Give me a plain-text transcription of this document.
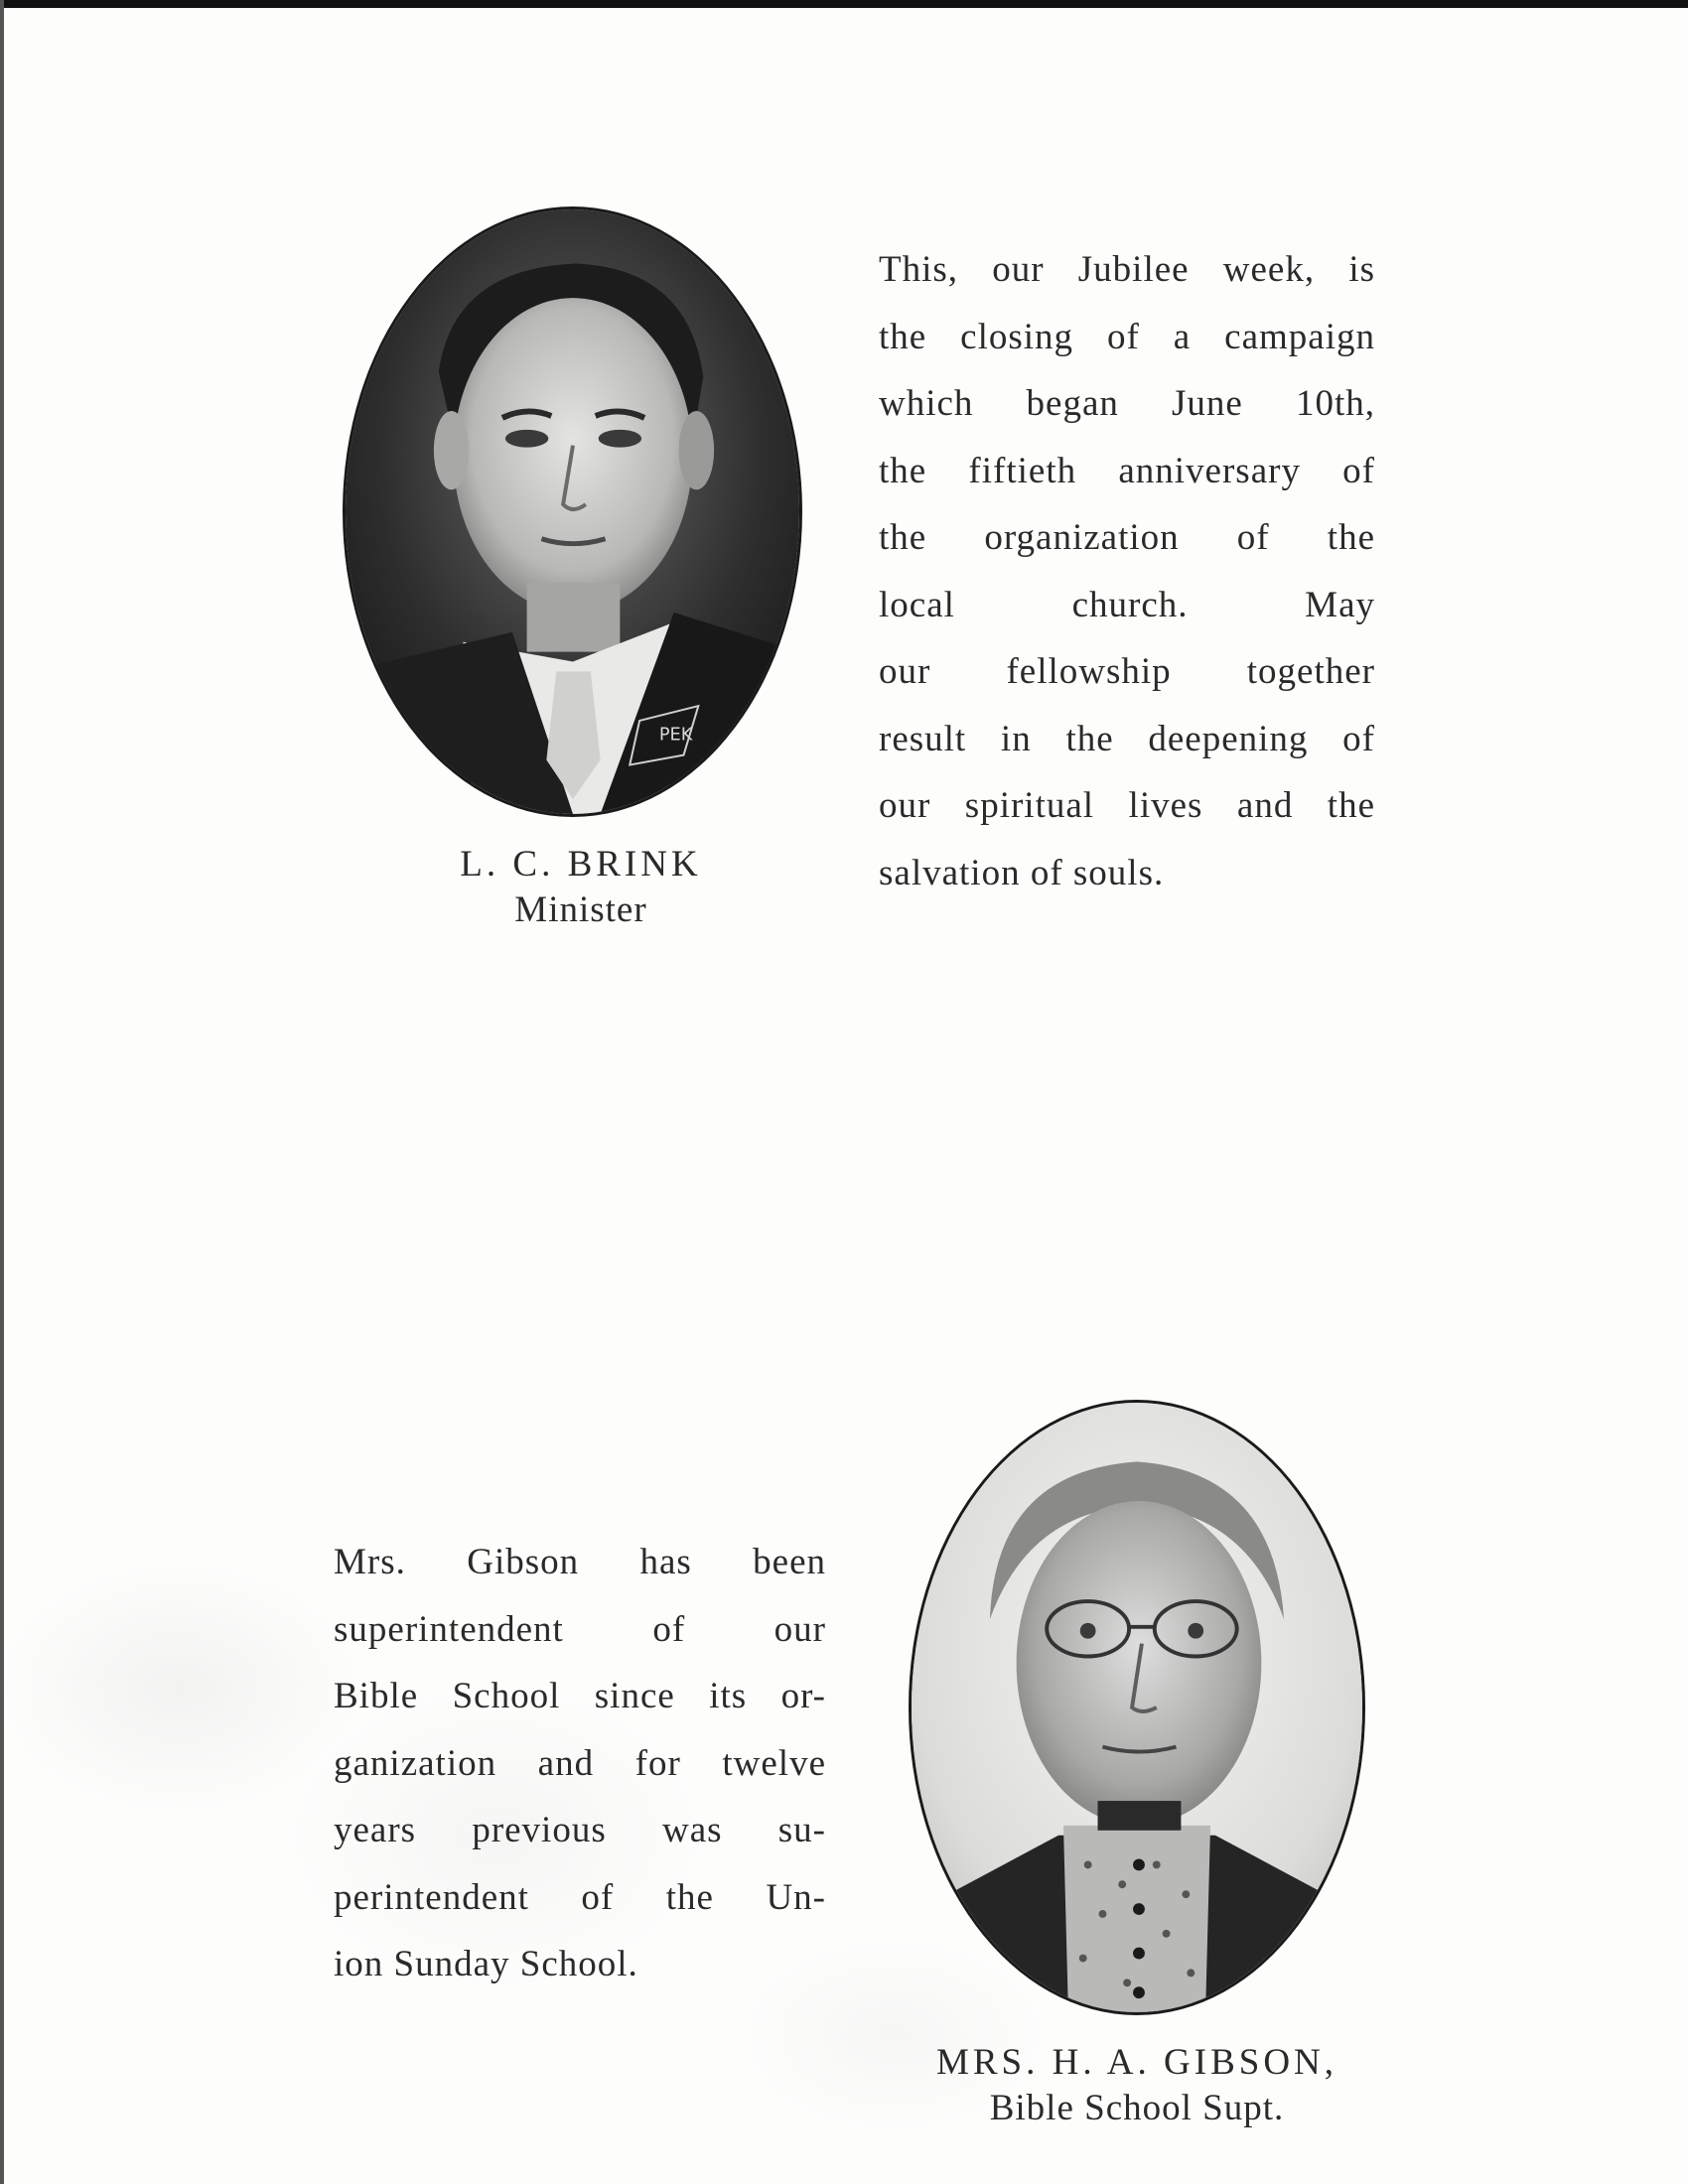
PEK
L. C. BRINK
Minister
This, our Jubilee week, is
the closing of a campaign
which began June 10th,
the fiftieth anniversary of
the organization of the
local church. May
our fellowship together
result in the deepening of
our spiritual lives and the
salvation of souls.
Mrs. Gibson has been
superintendent of our
Bible School since its or-
ganization and for twelve
years previous was su-
perintendent of the Un-
ion Sunday School.
MRS. H. A. GIBSON,
Bible School Supt.
